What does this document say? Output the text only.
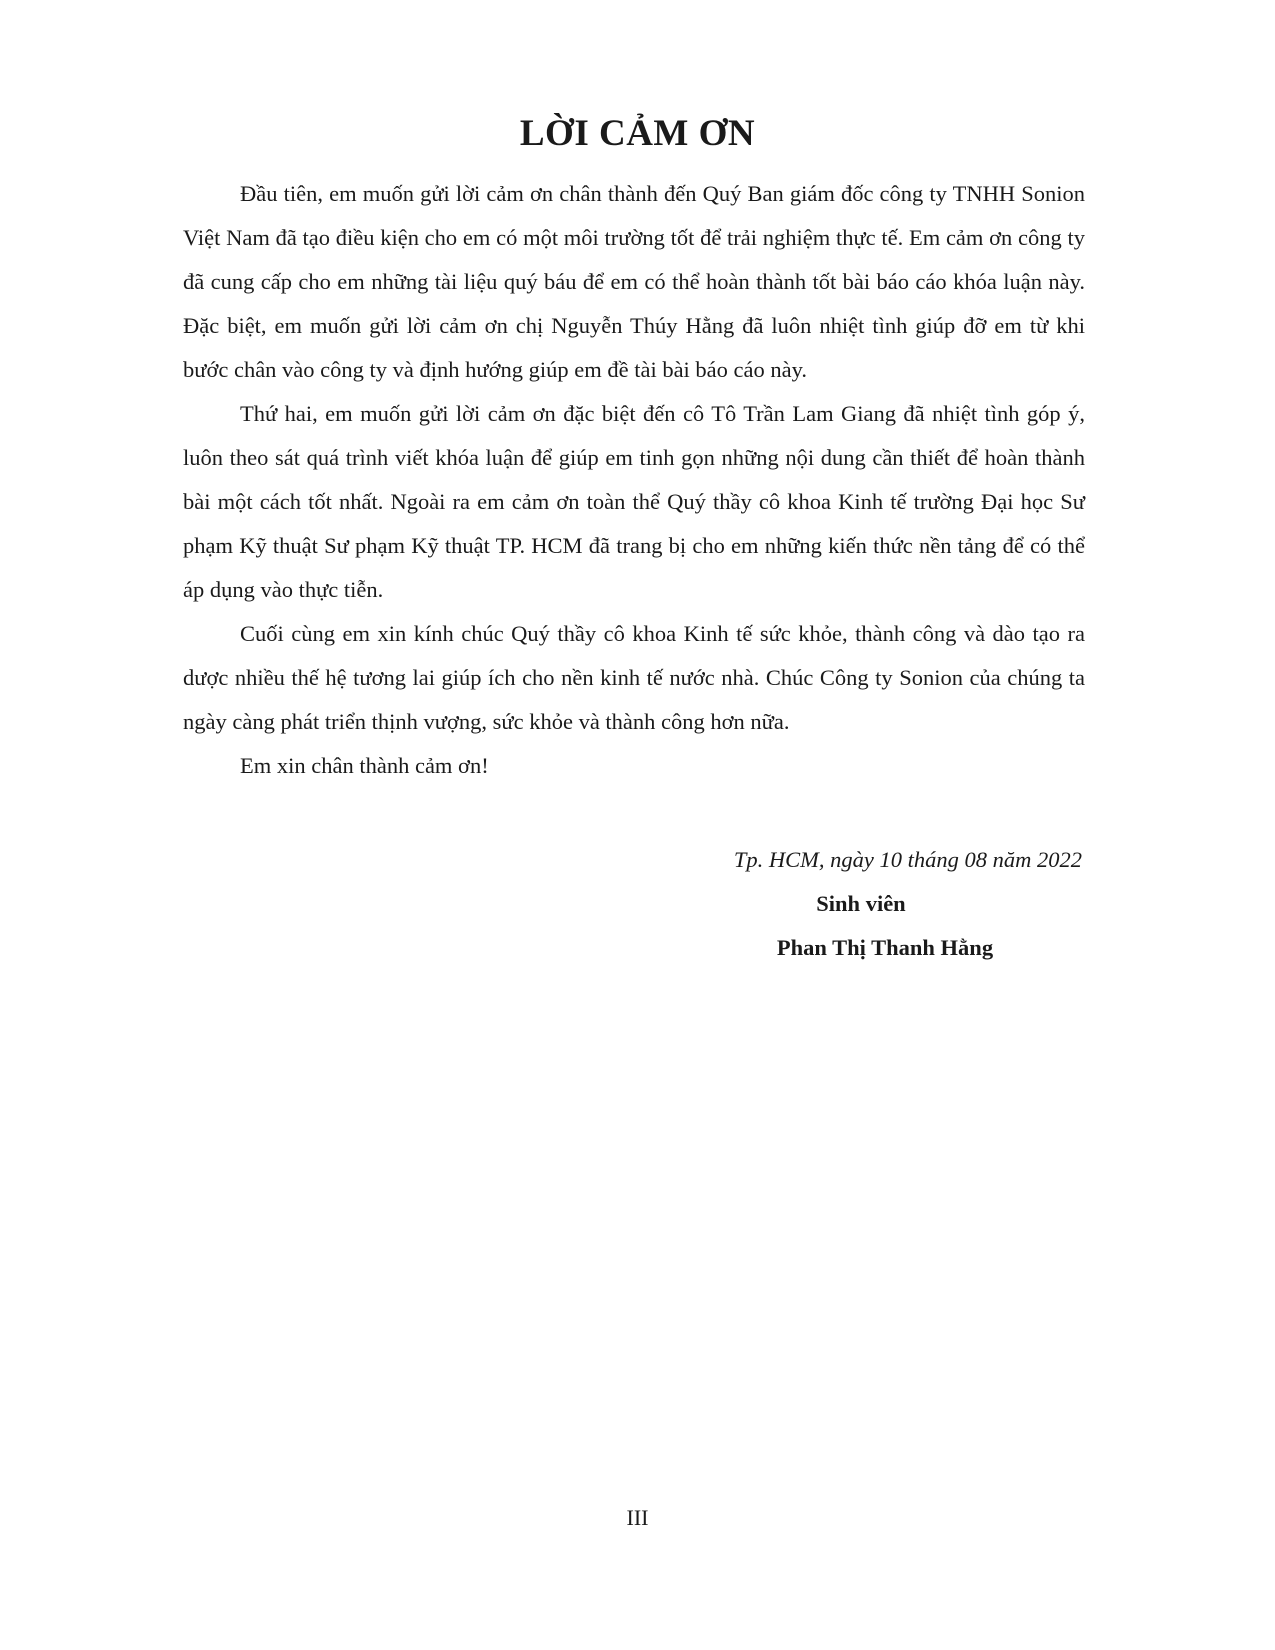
LỜI CẢM ƠN

Đầu tiên, em muốn gửi lời cảm ơn chân thành đến Quý Ban giám đốc công ty TNHH Sonion Việt Nam đã tạo điều kiện cho em có một môi trường tốt để trải nghiệm thực tế. Em cảm ơn công ty đã cung cấp cho em những tài liệu quý báu để em có thể hoàn thành tốt bài báo cáo khóa luận này. Đặc biệt, em muốn gửi lời cảm ơn chị Nguyễn Thúy Hằng đã luôn nhiệt tình giúp đỡ em từ khi bước chân vào công ty và định hướng giúp em đề tài bài báo cáo này.

Thứ hai, em muốn gửi lời cảm ơn đặc biệt đến cô Tô Trần Lam Giang đã nhiệt tình góp ý, luôn theo sát quá trình viết khóa luận để giúp em tinh gọn những nội dung cần thiết để hoàn thành bài một cách tốt nhất. Ngoài ra em cảm ơn toàn thể Quý thầy cô khoa Kinh tế trường Đại học Sư phạm Kỹ thuật Sư phạm Kỹ thuật TP. HCM đã trang bị cho em những kiến thức nền tảng để có thể áp dụng vào thực tiễn.

Cuối cùng em xin kính chúc Quý thầy cô khoa Kinh tế sức khỏe, thành công và dào tạo ra dược nhiều thế hệ tương lai giúp ích cho nền kinh tế nước nhà. Chúc Công ty Sonion của chúng ta ngày càng phát triển thịnh vượng, sức khỏe và thành công hơn nữa.

Em xin chân thành cảm ơn!

Tp. HCM, ngày 10 tháng 08 năm 2022
Sinh viên
Phan Thị Thanh Hằng
III
